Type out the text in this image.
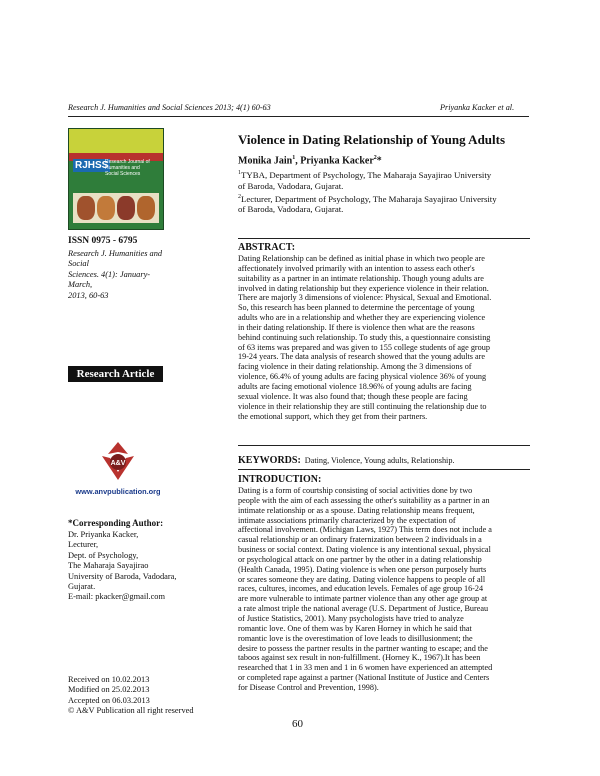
Research J. Humanities and Social Sciences 2013; 4(1) 60-63	Priyanka Kacker et al.
RJHSS
Research Journal of
Humanities and
Social Sciences
ISSN 0975 - 6795
Research J. Humanities and Social
Sciences. 4(1): January-March,
2013, 60-63
Research Article
A&V
www.anvpublication.org
*Corresponding Author:
Dr. Priyanka Kacker,
Lecturer,
Dept. of Psychology,
The Maharaja Sayajirao
University of Baroda, Vadodara,
Gujarat.
E-mail: pkacker@gmail.com
Received on 10.02.2013
Modified on 25.02.2013
Accepted on 06.03.2013
© A&V Publication all right reserved
Violence in Dating Relationship of Young Adults
Monika Jain$^1$, Priyanka Kacker$^2$*
$^1$TYBA, Department of Psychology, The Maharaja Sayajirao University
of Baroda, Vadodara, Gujarat.
$^2$Lecturer, Department of Psychology, The Maharaja Sayajirao University
of Baroda, Vadodara, Gujarat.
ABSTRACT:
Dating Relationship can be defined as initial phase in which two people are
affectionately involved primarily with an intention to assess each other's
suitability as a partner in an intimate relationship. Though young adults are
involved in dating relationship but they experience violence in their relation.
There are majorly 3 dimensions of violence: Physical, Sexual and Emotional.
So, this research has been planned to determine the percentage of young
adults who are in a relationship and whether they are experiencing violence
in their dating relationship. If there is violence then what are the reasons
behind continuing such relationship. To study this, a questionnaire consisting
of 63 items was prepared and was given to 155 college students of age group
19-24 years. The data analysis of research showed that the young adults are
facing violence in their dating relationship. Among the 3 dimensions of
violence, 66.4% of young adults are facing physical violence 36% of young
adults are facing emotional violence 18.96% of young adults are facing
sexual violence. It was also found that; though these people are facing
violence in their relationship they are still continuing the relationship due to
the emotional support, which they get from their partners.
KEYWORDS: Dating, Violence, Young adults, Relationship.
INTRODUCTION:
Dating is a form of courtship consisting of social activities done by two
people with the aim of each assessing the other's suitability as a partner in an
intimate relationship or as a spouse. Dating relationship means frequent,
intimate associations primarily characterized by the expectation of
affectional involvement. (Michigan Laws, 1927) This term does not include a
casual relationship or an ordinary fraternization between 2 individuals in a
business or social context. Dating violence is any intentional sexual, physical
or psychological attack on one partner by the other in a dating relationship
(Health Canada, 1995). Dating violence is when one person purposely hurts
or scares someone they are dating. Dating violence happens to people of all
races, cultures, incomes, and education levels. Females of age group 16-24
are more vulnerable to intimate partner violence than any other age group at
a rate almost triple the national average (U.S. Department of Justice, Bureau
of Justice Statistics, 2001). Many psychologists have tried to analyze
romantic love. One of them was by Karen Horney in which he said that
romantic love is the overestimation of love leads to disillusionment; the
desire to possess the partner results in the partner wanting to escape; and the
taboos against sex result in non-fulfillment. (Horney K., 1967).It has been
researched that 1 in 33 men and 1 in 6 women have experienced an attempted
or completed rape against a partner (National Institute of Justice and Centers
for Disease Control and Prevention, 1998).
60
